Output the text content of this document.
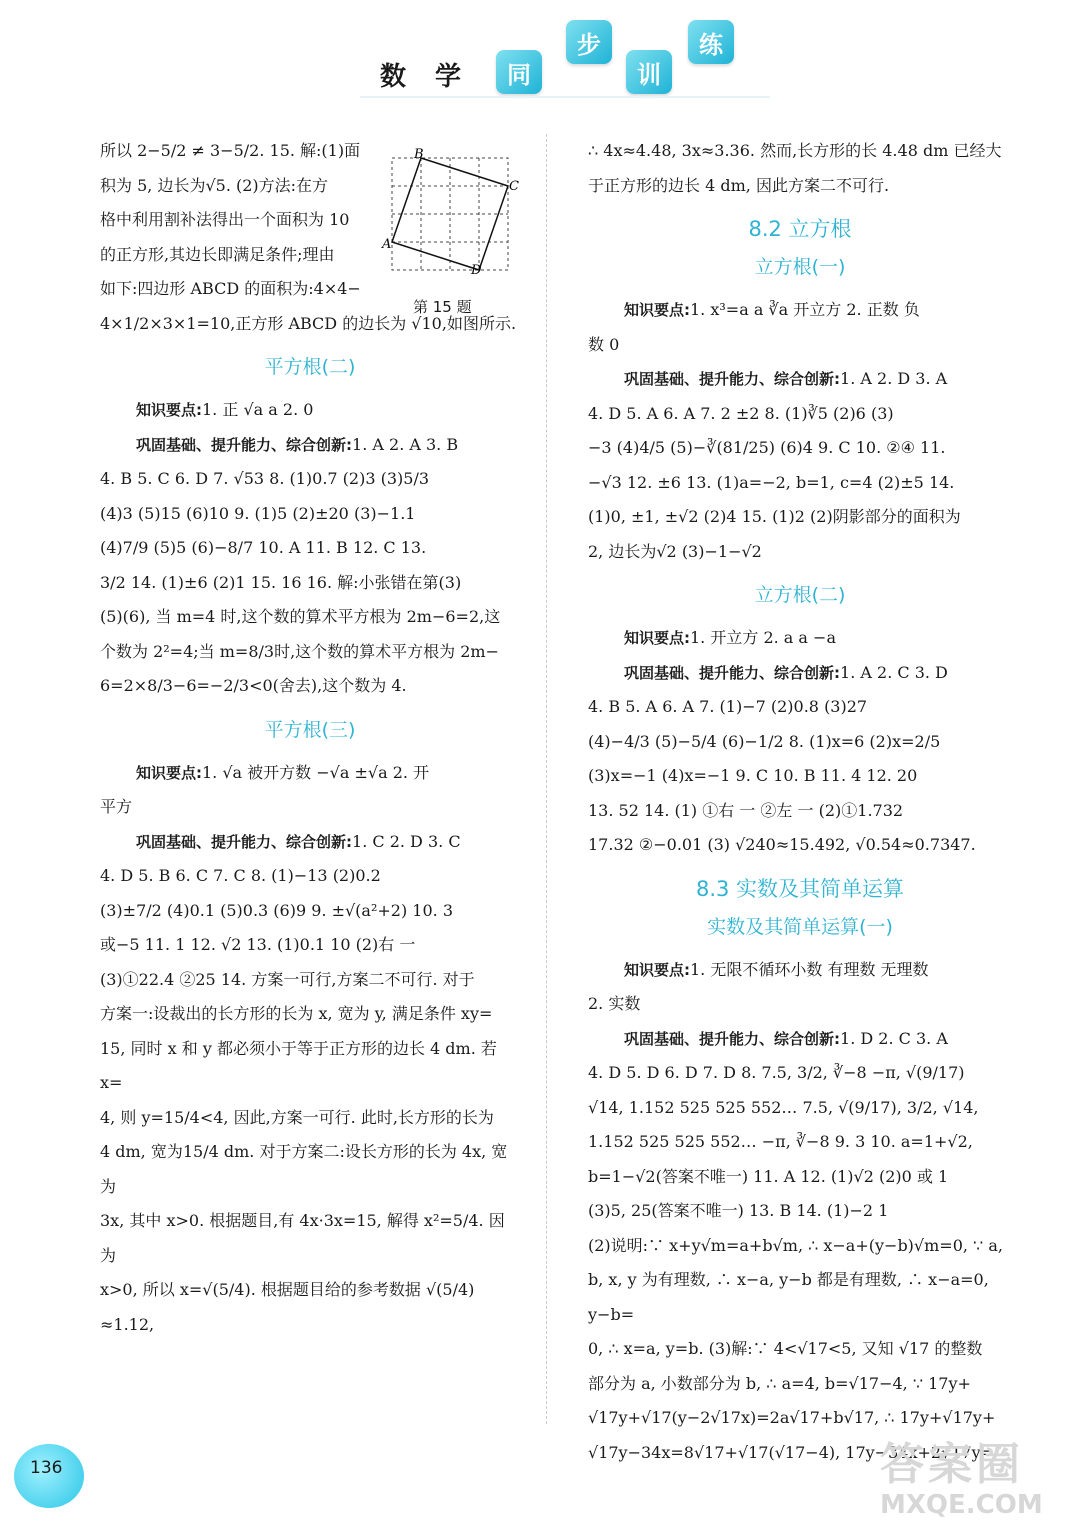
数 学	同
步
训
练

所以 2−5/2 ≠ 3−5/2. 15. 解:(1)面

积为 5, 边长为√5. (2)方法:在方

格中利用割补法得出一个面积为 10

的正方形,其边长即满足条件;理由

如下:四边形 ABCD 的面积为:4×4−

4×1/2×3×1=10,正方形 ABCD 的边长为 √10,如图所示.

平方根(二)

知识要点:1. 正 √a a 2. 0

巩固基础、提升能力、综合创新:1. A 2. A 3. B

4. B 5. C 6. D 7. √53 8. (1)0.7 (2)3 (3)5/3

(4)3 (5)15 (6)10 9. (1)5 (2)±20 (3)−1.1

(4)7/9 (5)5 (6)−8/7 10. A 11. B 12. C 13.

3/2 14. (1)±6 (2)1 15. 16 16. 解:小张错在第(3)

(5)(6), 当 m=4 时,这个数的算术平方根为 2m−6=2,这

个数为 2²=4;当 m=8/3时,这个数的算术平方根为 2m−

6=2×8/3−6=−2/3<0(舍去),这个数为 4.

平方根(三)

知识要点:1. √a 被开方数 −√a ±√a 2. 开

平方

巩固基础、提升能力、综合创新:1. C 2. D 3. C

4. D 5. B 6. C 7. C 8. (1)−13 (2)0.2

(3)±7/2 (4)0.1 (5)0.3 (6)9 9. ±√(a²+2) 10. 3

或−5 11. 1 12. √2 13. (1)0.1 10 (2)右 一

(3)①22.4 ②25 14. 方案一可行,方案二不可行. 对于

方案一:设裁出的长方形的长为 x, 宽为 y, 满足条件 xy=

15, 同时 x 和 y 都必须小于等于正方形的边长 4 dm. 若 x=

4, 则 y=15/4<4, 因此,方案一可行. 此时,长方形的长为

4 dm, 宽为15/4 dm. 对于方案二:设长方形的长为 4x, 宽为

3x, 其中 x>0. 根据题目,有 4x·3x=15, 解得 x²=5/4. 因为

x>0, 所以 x=√(5/4). 根据题目给的参考数据 √(5/4) ≈1.12,

B
C
D
A
第 15 题

∴ 4x≈4.48, 3x≈3.36. 然而,长方形的长 4.48 dm 已经大

于正方形的边长 4 dm, 因此方案二不可行.

8.2 立方根
立方根(一)

知识要点:1. x³=a a ∛a 开立方 2. 正数 负

数 0

巩固基础、提升能力、综合创新:1. A 2. D 3. A

4. D 5. A 6. A 7. 2 ±2 8. (1)∛5 (2)6 (3)

−3 (4)4/5 (5)−∛(81/25) (6)4 9. C 10. ②④ 11.

−√3 12. ±6 13. (1)a=−2, b=1, c=4 (2)±5 14.

(1)0, ±1, ±√2 (2)4 15. (1)2 (2)阴影部分的面积为

2, 边长为√2 (3)−1−√2

立方根(二)

知识要点:1. 开立方 2. a a −a

巩固基础、提升能力、综合创新:1. A 2. C 3. D

4. B 5. A 6. A 7. (1)−7 (2)0.8 (3)27

(4)−4/3 (5)−5/4 (6)−1/2 8. (1)x=6 (2)x=2/5

(3)x=−1 (4)x=−1 9. C 10. B 11. 4 12. 20

13. 52 14. (1) ①右 一 ②左 一 (2)①1.732

17.32 ②−0.01 (3) √240≈15.492, √0.54≈0.7347.

8.3 实数及其简单运算
实数及其简单运算(一)

知识要点:1. 无限不循环小数 有理数 无理数

2. 实数

巩固基础、提升能力、综合创新:1. D 2. C 3. A

4. D 5. D 6. D 7. D 8. 7.5, 3/2, ∛−8 −π, √(9/17)

√14, 1.152 525 525 552… 7.5, √(9/17), 3/2, √14,

1.152 525 525 552… −π, ∛−8 9. 3 10. a=1+√2,

b=1−√2(答案不唯一) 11. A 12. (1)√2 (2)0 或 1

(3)5, 25(答案不唯一) 13. B 14. (1)−2 1

(2)说明:∵ x+y√m=a+b√m, ∴ x−a+(y−b)√m=0, ∵ a,

b, x, y 为有理数, ∴ x−a, y−b 都是有理数, ∴ x−a=0, y−b=

0, ∴ x=a, y=b. (3)解:∵ 4<√17<5, 又知 √17 的整数

部分为 a, 小数部分为 b, ∴ a=4, b=√17−4, ∵ 17y+

√17y+√17(y−2√17x)=2a√17+b√17, ∴ 17y+√17y+

√17y−34x=8√17+√17(√17−4), 17y−34x+2√17y=

136	答案圈
MXQE.COM
